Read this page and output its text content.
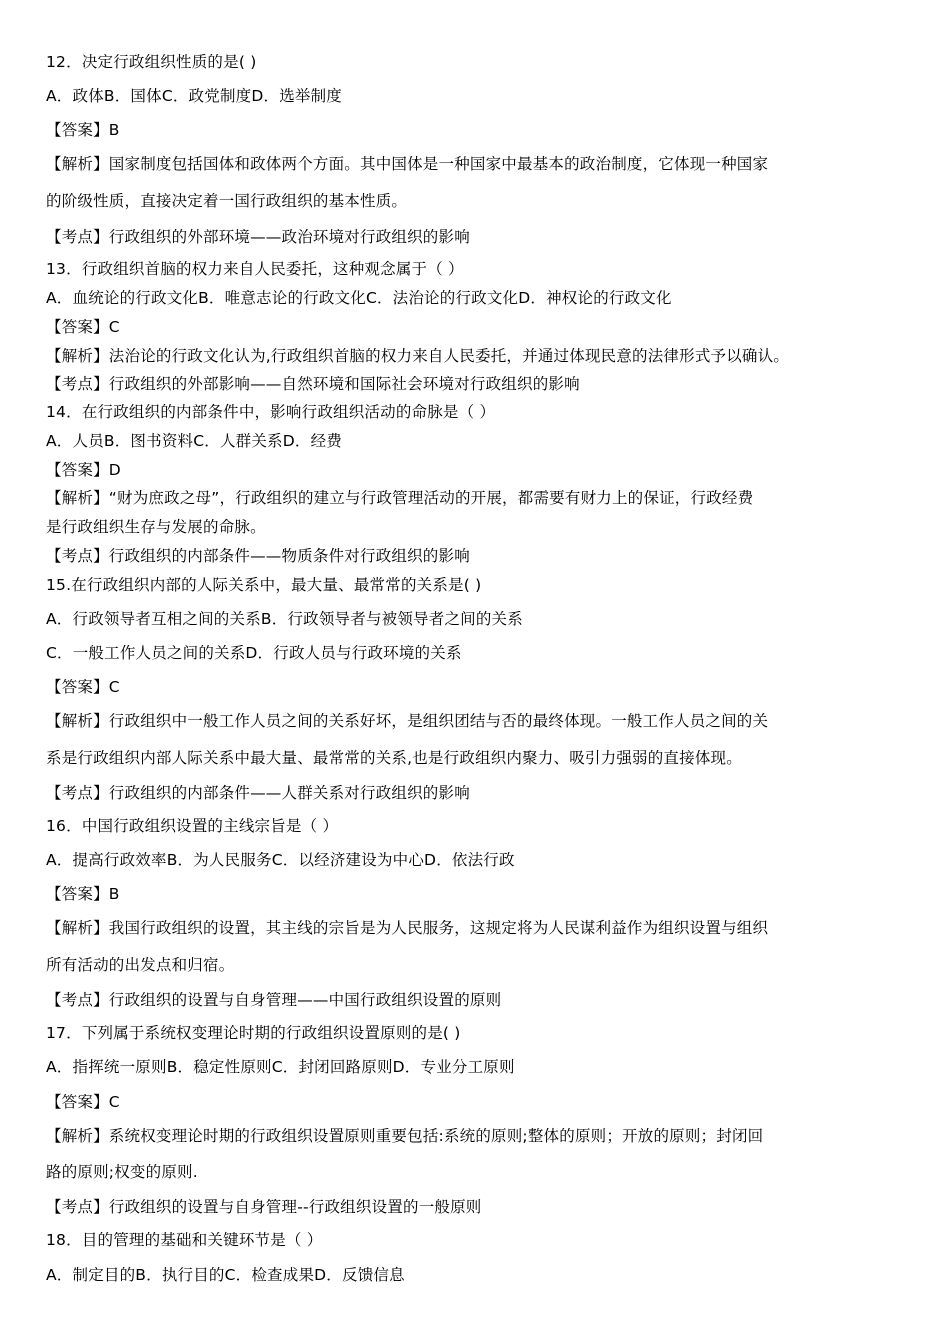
12．决定行政组织性质的是( )
A．政体B．国体C．政党制度D．选举制度
【答案】B
【解析】国家制度包括国体和政体两个方面。其中国体是一种国家中最基本的政治制度，它体现一种国家
的阶级性质，直接决定着一国行政组织的基本性质。
【考点】行政组织的外部环境——政治环境对行政组织的影响
13．行政组织首脑的权力来自人民委托，这种观念属于（ ）
A．血统论的行政文化B．唯意志论的行政文化C．法治论的行政文化D．神权论的行政文化
【答案】C
【解析】法治论的行政文化认为,行政组织首脑的权力来自人民委托，并通过体现民意的法律形式予以确认。
【考点】行政组织的外部影响——自然环境和国际社会环境对行政组织的影响
14．在行政组织的内部条件中，影响行政组织活动的命脉是（ ）
A．人员B．图书资料C．人群关系D．经费
【答案】D
【解析】“财为庶政之母”，行政组织的建立与行政管理活动的开展，都需要有财力上的保证，行政经费
是行政组织生存与发展的命脉。
【考点】行政组织的内部条件——物质条件对行政组织的影响
15.在行政组织内部的人际关系中，最大量、最常常的关系是( )
A．行政领导者互相之间的关系B．行政领导者与被领导者之间的关系
C．一般工作人员之间的关系D．行政人员与行政环境的关系
【答案】C
【解析】行政组织中一般工作人员之间的关系好坏，是组织团结与否的最终体现。一般工作人员之间的关
系是行政组织内部人际关系中最大量、最常常的关系,也是行政组织内聚力、吸引力强弱的直接体现。
【考点】行政组织的内部条件——人群关系对行政组织的影响
16．中国行政组织设置的主线宗旨是（ ）
A．提高行政效率B．为人民服务C．以经济建设为中心D．依法行政
【答案】B
【解析】我国行政组织的设置，其主线的宗旨是为人民服务，这规定将为人民谋利益作为组织设置与组织
所有活动的出发点和归宿。
【考点】行政组织的设置与自身管理——中国行政组织设置的原则
17．下列属于系统权变理论时期的行政组织设置原则的是( )
A．指挥统一原则B．稳定性原则C．封闭回路原则D．专业分工原则
【答案】C
【解析】系统权变理论时期的行政组织设置原则重要包括:系统的原则;整体的原则；开放的原则；封闭回
路的原则;权变的原则.
【考点】行政组织的设置与自身管理--行政组织设置的一般原则
18．目的管理的基础和关键环节是（ ）
A．制定目的B．执行目的C．检查成果D．反馈信息
